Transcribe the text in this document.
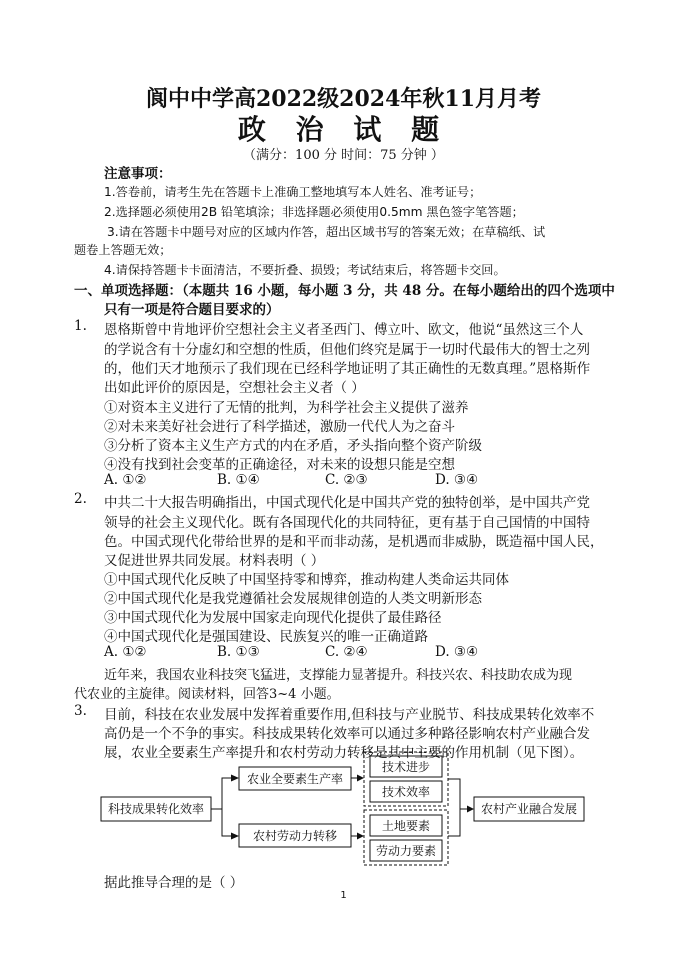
阆中中学高2022级2024年秋11月月考
政 治 试 题
（满分：100 分 时间：75 分钟 ）
注意事项：
1.答卷前，请考生先在答题卡上准确工整地填写本人姓名、准考证号；
2.选择题必须使用2B 铅笔填涂；非选择题必须使用0.5mm 黑色签字笔答题；
3.请在答题卡中题号对应的区域内作答，超出区域书写的答案无效；在草稿纸、试
题卷上答题无效；
4.请保持答题卡卡面清洁，不要折叠、损毁；考试结束后，将答题卡交回。
一、单项选择题：（本题共 16 小题，每小题 3 分，共 48 分。在每小题给出的四个选项中
只有一项是符合题目要求的）
1. 恩格斯曾中肯地评价空想社会主义者圣西门、傅立叶、欧文，他说“虽然这三个人
的学说含有十分虚幻和空想的性质，但他们终究是属于一切时代最伟大的智士之列
的，他们天才地预示了我们现在已经科学地证明了其正确性的无数真理。”恩格斯作
出如此评价的原因是，空想社会主义者（ ）
①对资本主义进行了无情的批判，为科学社会主义提供了滋养
②对未来美好社会进行了科学描述，激励一代代人为之奋斗
③分析了资本主义生产方式的内在矛盾，矛头指向整个资产阶级
④没有找到社会变革的正确途径，对未来的设想只能是空想
A. ①②	B. ①④	C. ②③	D. ③④
2. 中共二十大报告明确指出，中国式现代化是中国共产党的独特创举，是中国共产党
领导的社会主义现代化。既有各国现代化的共同特征，更有基于自己国情的中国特
色。中国式现代化带给世界的是和平而非动荡，是机遇而非威胁，既造福中国人民，
又促进世界共同发展。材料表明（ ）
①中国式现代化反映了中国坚持零和博弈，推动构建人类命运共同体
②中国式现代化是我党遵循社会发展规律创造的人类文明新形态
③中国式现代化为发展中国家走向现代化提供了最佳路径
④中国式现代化是强国建设、民族复兴的唯一正确道路
A. ①②	B. ①③	C. ②④	D. ③④
近年来，我国农业科技突飞猛进，支撑能力显著提升。科技兴农、科技助农成为现
代农业的主旋律。阅读材料，回答3~4 小题。
3. 目前，科技在农业发展中发挥着重要作用,但科技与产业脱节、科技成果转化效率不
高仍是一个不争的事实。科技成果转化效率可以通过多种路径影响农村产业融合发
展，农业全要素生产率提升和农村劳动力转移是其中主要的作用机制（见下图）。
科技成果转化效率
农业全要素生产率
农村劳动力转移
技术进步
技术效率
土地要素
劳动力要素
农村产业融合发展
据此推导合理的是（ ）
1
